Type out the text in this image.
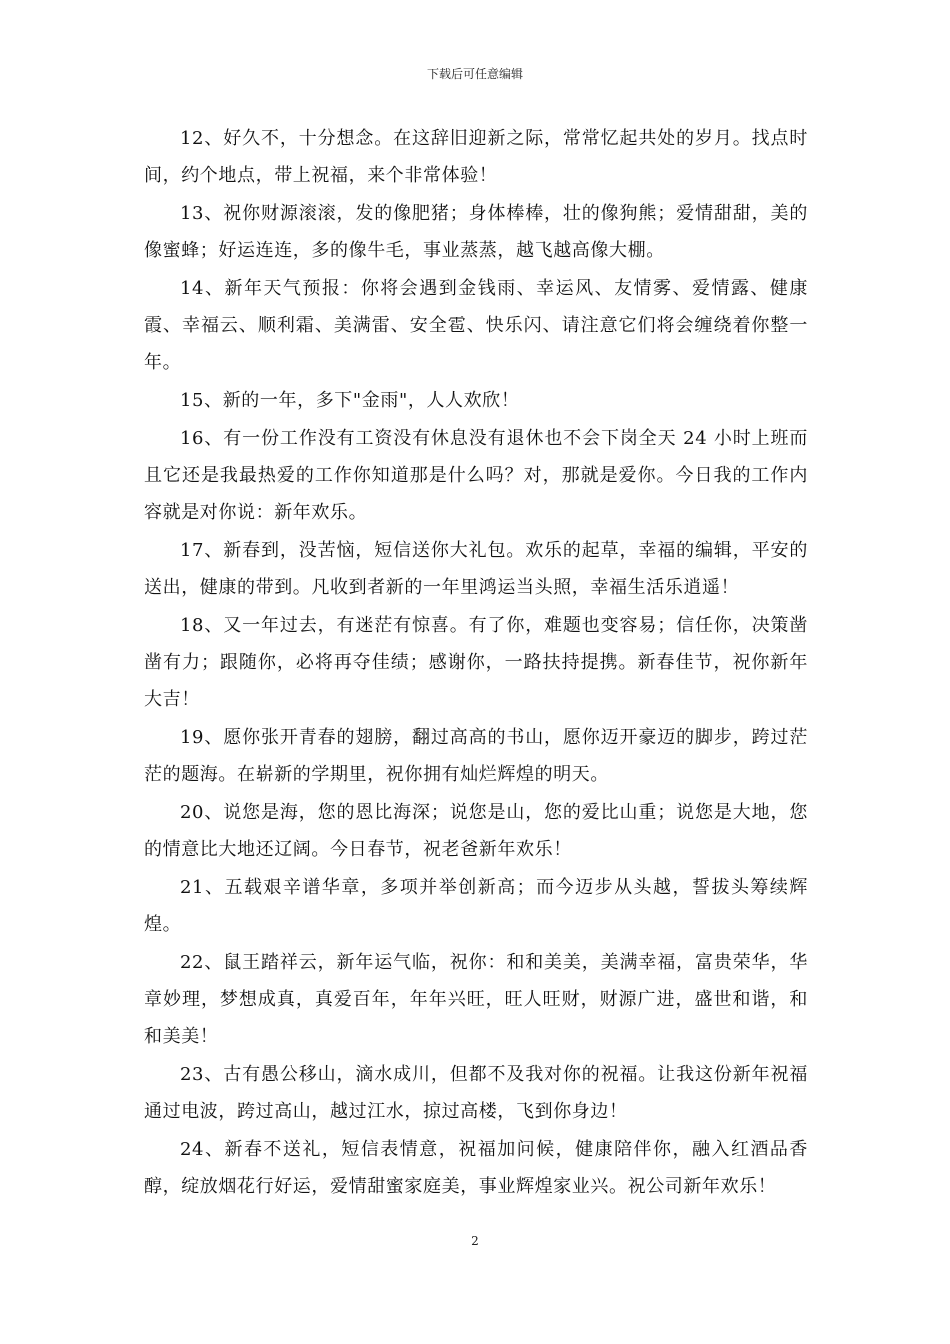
下载后可任意编辑

12、好久不，十分想念。在这辞旧迎新之际，常常忆起共处的岁月。找点时间，约个地点，带上祝福，来个非常体验！

13、祝你财源滚滚，发的像肥猪；身体棒棒，壮的像狗熊；爱情甜甜，美的像蜜蜂；好运连连，多的像牛毛，事业蒸蒸，越飞越高像大棚。

14、新年天气预报：你将会遇到金钱雨、幸运风、友情雾、爱情露、健康霞、幸福云、顺利霜、美满雷、安全雹、快乐闪、请注意它们将会缠绕着你整一年。

15、新的一年，多下"金雨"，人人欢欣！

16、有一份工作没有工资没有休息没有退休也不会下岗全天 24 小时上班而且它还是我最热爱的工作你知道那是什么吗？对，那就是爱你。今日我的工作内容就是对你说：新年欢乐。

17、新春到，没苦恼，短信送你大礼包。欢乐的起草，幸福的编辑，平安的送出，健康的带到。凡收到者新的一年里鸿运当头照，幸福生活乐逍遥！

18、又一年过去，有迷茫有惊喜。有了你，难题也变容易；信任你，决策凿凿有力；跟随你，必将再夺佳绩；感谢你，一路扶持提携。新春佳节，祝你新年大吉！

19、愿你张开青春的翅膀，翻过高高的书山，愿你迈开豪迈的脚步，跨过茫茫的题海。在崭新的学期里，祝你拥有灿烂辉煌的明天。

20、说您是海，您的恩比海深；说您是山，您的爱比山重；说您是大地，您的情意比大地还辽阔。今日春节，祝老爸新年欢乐！

21、五载艰辛谱华章，多项并举创新高；而今迈步从头越，誓拔头筹续辉煌。

22、鼠王踏祥云，新年运气临，祝你：和和美美，美满幸福，富贵荣华，华章妙理，梦想成真，真爱百年，年年兴旺，旺人旺财，财源广进，盛世和谐，和和美美！

23、古有愚公移山，滴水成川，但都不及我对你的祝福。让我这份新年祝福通过电波，跨过高山，越过江水，掠过高楼，飞到你身边！

24、新春不送礼，短信表情意，祝福加问候，健康陪伴你，融入红酒品香醇，绽放烟花行好运，爱情甜蜜家庭美，事业辉煌家业兴。祝公司新年欢乐！

2
